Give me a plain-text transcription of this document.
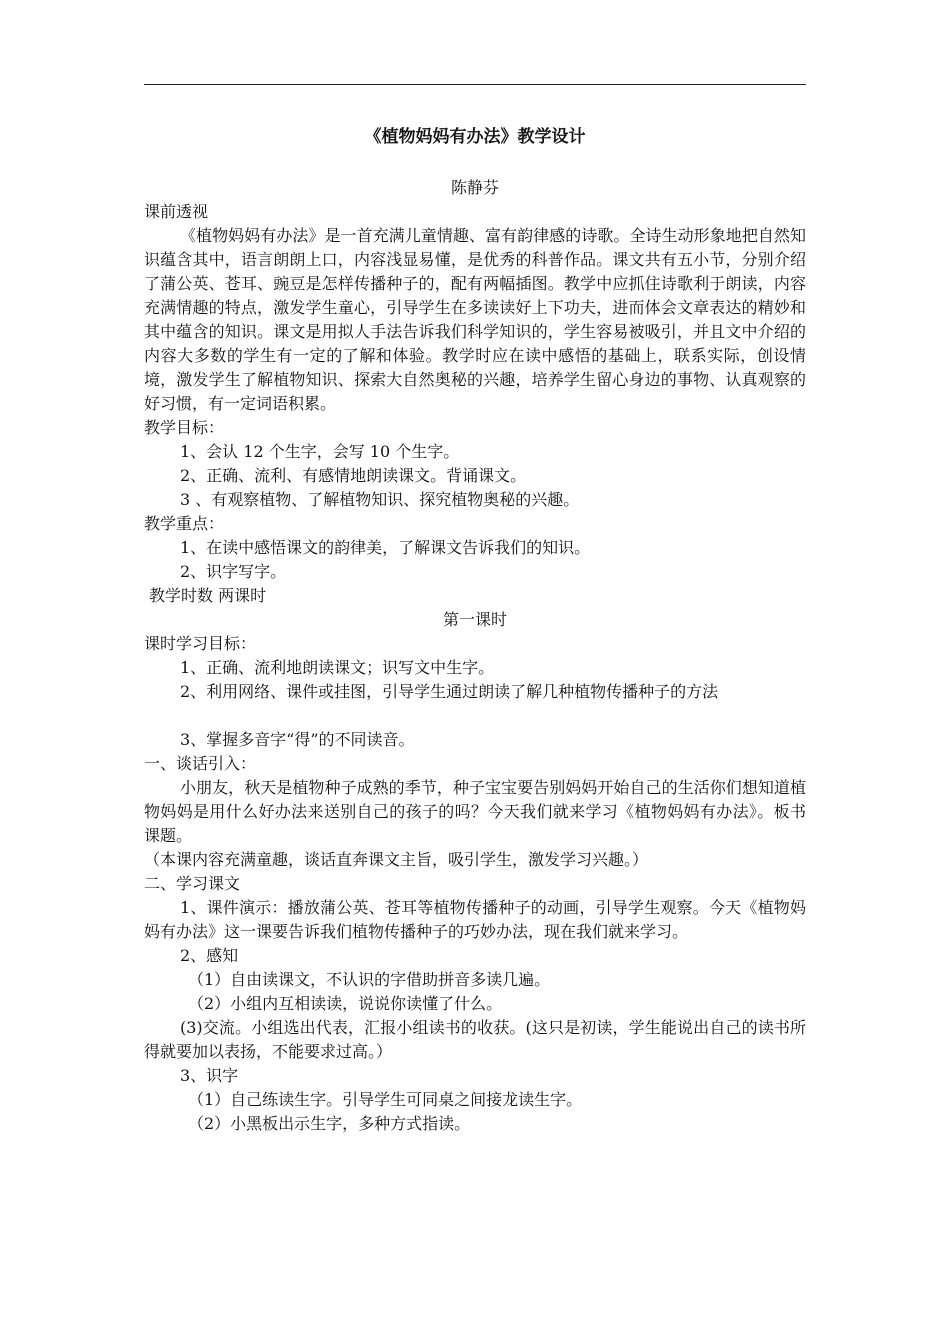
《植物妈妈有办法》教学设计

陈静芬

课前透视

《植物妈妈有办法》是一首充满儿童情趣、富有韵律感的诗歌。全诗生动形象地把自然知识蕴含其中，语言朗朗上口，内容浅显易懂，是优秀的科普作品。课文共有五小节，分别介绍了蒲公英、苍耳、豌豆是怎样传播种子的，配有两幅插图。教学中应抓住诗歌利于朗读，内容充满情趣的特点，激发学生童心，引导学生在多读读好上下功夫，进而体会文章表达的精妙和其中蕴含的知识。课文是用拟人手法告诉我们科学知识的，学生容易被吸引，并且文中介绍的内容大多数的学生有一定的了解和体验。教学时应在读中感悟的基础上，联系实际，创设情境，激发学生了解植物知识、探索大自然奥秘的兴趣，培养学生留心身边的事物、认真观察的好习惯，有一定词语积累。

教学目标：

1、会认 12 个生字，会写 10 个生字。

2、正确、流利、有感情地朗读课文。背诵课文。

3 、有观察植物、了解植物知识、探究植物奥秘的兴趣。

教学重点：

1、在读中感悟课文的韵律美，了解课文告诉我们的知识。

2、识字写字。

教学时数 两课时

第一课时

课时学习目标：

1、正确、流利地朗读课文；识写文中生字。

2、利用网络、课件或挂图，引导学生通过朗读了解几种植物传播种子的方法

3、掌握多音字“得”的不同读音。

一、谈话引入：

小朋友，秋天是植物种子成熟的季节，种子宝宝要告别妈妈开始自己的生活你们想知道植物妈妈是用什么好办法来送别自己的孩子的吗？今天我们就来学习《植物妈妈有办法》。板书课题。

（本课内容充满童趣，谈话直奔课文主旨，吸引学生，激发学习兴趣。）

二、学习课文

1、课件演示：播放蒲公英、苍耳等植物传播种子的动画，引导学生观察。今天《植物妈妈有办法》这一课要告诉我们植物传播种子的巧妙办法，现在我们就来学习。

2、感知

（1）自由读课文，不认识的字借助拼音多读几遍。

（2）小组内互相读读，说说你读懂了什么。

(3)交流。小组选出代表，汇报小组读书的收获。(这只是初读，学生能说出自己的读书所得就要加以表扬，不能要求过高。）

3、识字

（1）自己练读生字。引导学生可同桌之间接龙读生字。

（2）小黑板出示生字，多种方式指读。
